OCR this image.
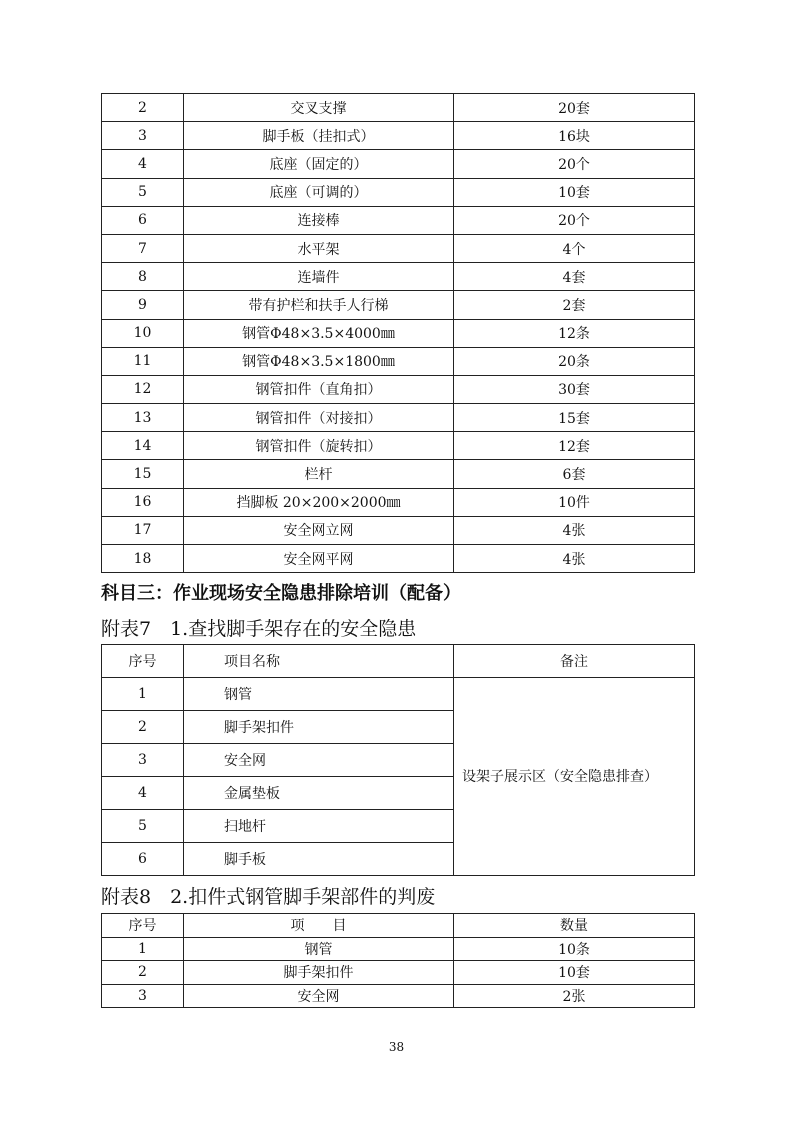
2	交叉支撑	20套
3	脚手板（挂扣式）	16块
4	底座（固定的）	20个
5	底座（可调的）	10套
6	连接棒	20个
7	水平架	4个
8	连墙件	4套
9	带有护栏和扶手人行梯	2套
10	钢管Φ48×3.5×4000㎜	12条
11	钢管Φ48×3.5×1800㎜	20条
12	钢管扣件（直角扣）	30套
13	钢管扣件（对接扣）	15套
14	钢管扣件（旋转扣）	12套
15	栏杆	6套
16	挡脚板 20×200×2000㎜	10件
17	安全网立网	4张
18	安全网平网	4张
科目三：作业现场安全隐患排除培训（配备）
附表7　1.查找脚手架存在的安全隐患
序号	项目名称	备注
1	钢管	设架子展示区（安全隐患排查）
2	脚手架扣件	
3	安全网	
4	金属垫板	
5	扫地杆	
6	脚手板	
附表8　2.扣件式钢管脚手架部件的判废
序号	项　　目	数量
1	钢管	10条
2	脚手架扣件	10套
3	安全网	2张
38
